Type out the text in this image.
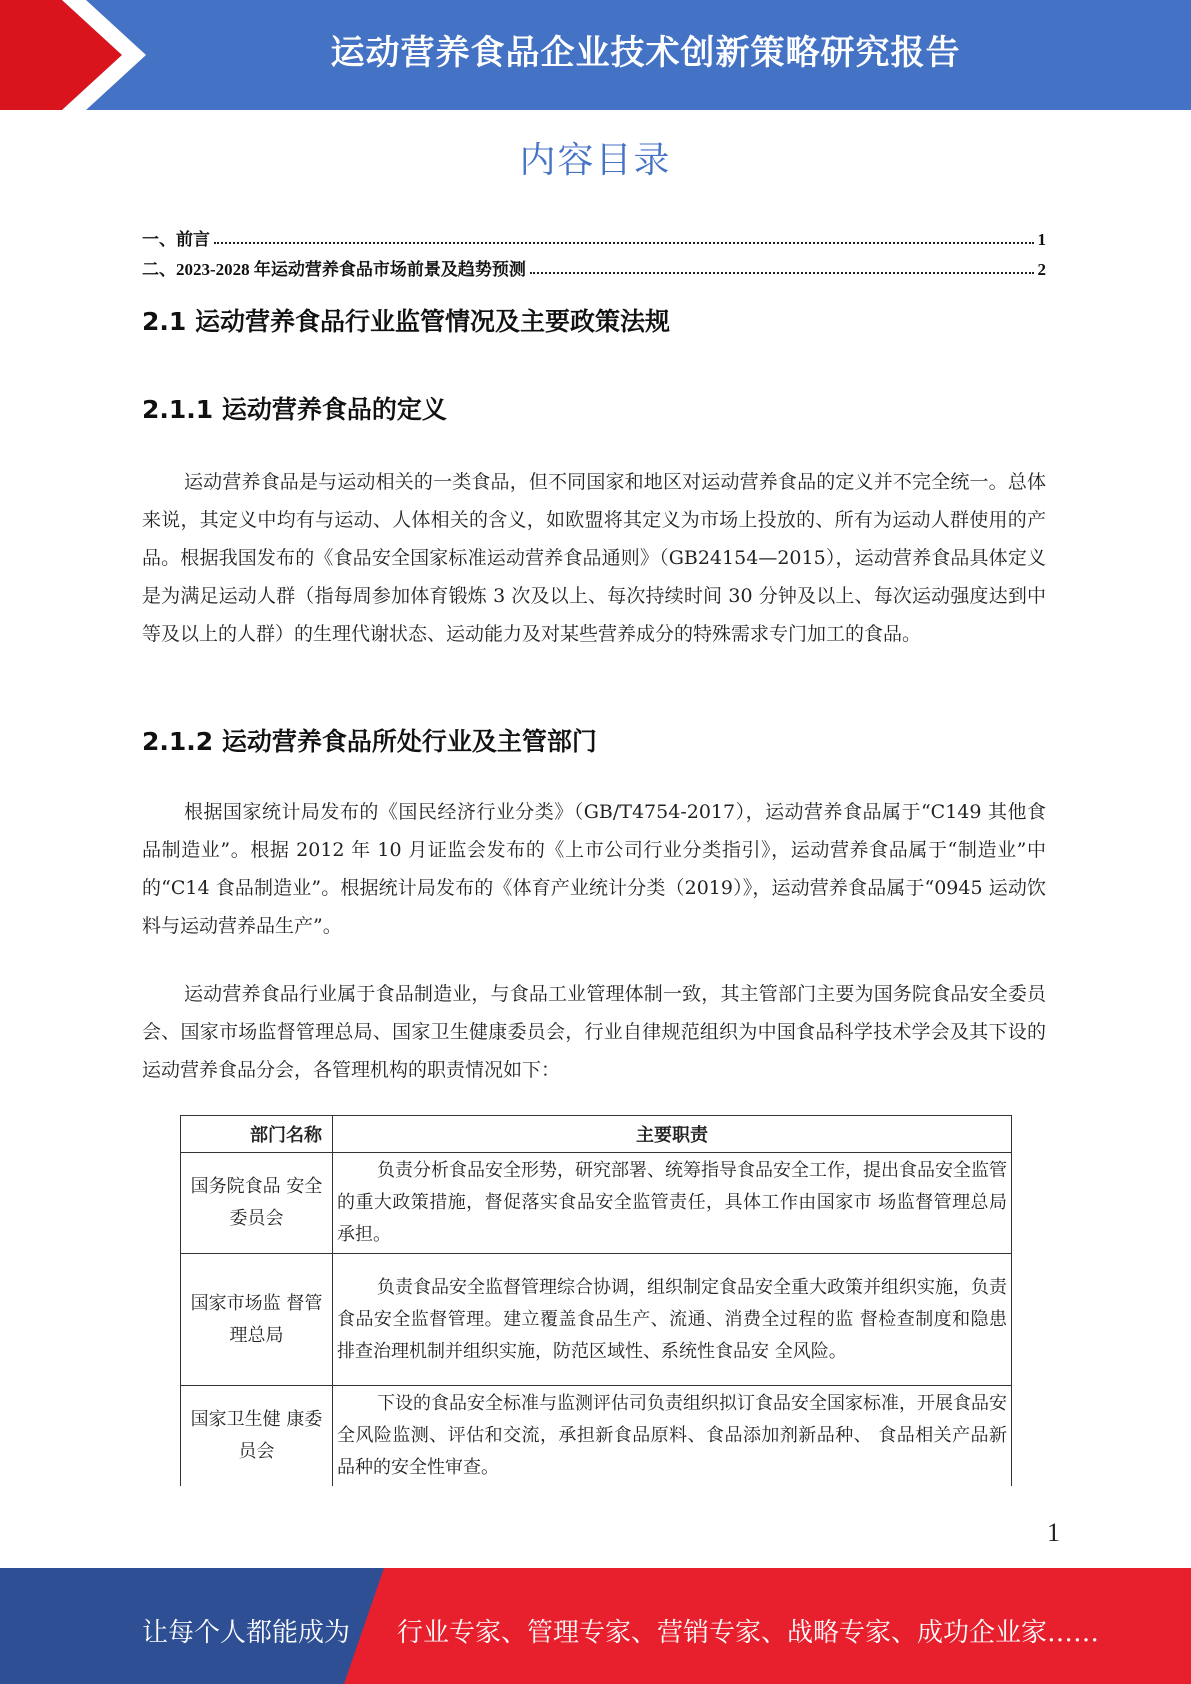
运动营养食品企业技术创新策略研究报告
内容目录
一、前言	1
二、2023-2028 年运动营养食品市场前景及趋势预测	2
2.1 运动营养食品行业监管情况及主要政策法规
2.1.1 运动营养食品的定义
运动营养食品是与运动相关的一类食品，但不同国家和地区对运动营养食品的定义并不完全统一。总体来说，其定义中均有与运动、人体相关的含义，如欧盟将其定义为市场上投放的、所有为运动人群使用的产品。根据我国发布的《食品安全国家标准运动营养食品通则》（GB24154—2015），运动营养食品具体定义是为满足运动人群（指每周参加体育锻炼 3 次及以上、每次持续时间 30 分钟及以上、每次运动强度达到中等及以上的人群）的生理代谢状态、运动能力及对某些营养成分的特殊需求专门加工的食品。
2.1.2 运动营养食品所处行业及主管部门
根据国家统计局发布的《国民经济行业分类》（GB/T4754-2017），运动营养食品属于“C149 其他食品制造业”。根据 2012 年 10 月证监会发布的《上市公司行业分类指引》，运动营养食品属于“制造业”中的“C14 食品制造业”。根据统计局发布的《体育产业统计分类（2019）》，运动营养食品属于“0945 运动饮料与运动营养品生产”。
运动营养食品行业属于食品制造业，与食品工业管理体制一致，其主管部门主要为国务院食品安全委员会、国家市场监督管理总局、国家卫生健康委员会，行业自律规范组织为中国食品科学技术学会及其下设的运动营养食品分会，各管理机构的职责情况如下：
部门名称	主要职责
国务院食品 安全委员会	负责分析食品安全形势，研究部署、统筹指导食品安全工作，提出食品安全监管的重大政策措施，督促落实食品安全监管责任，具体工作由国家市 场监督管理总局承担。
国家市场监 督管理总局	负责食品安全监督管理综合协调，组织制定食品安全重大政策并组织实施，负责食品安全监督管理。建立覆盖食品生产、流通、消费全过程的监 督检查制度和隐患排查治理机制并组织实施，防范区域性、系统性食品安 全风险。
国家卫生健 康委员会	下设的食品安全标准与监测评估司负责组织拟订食品安全国家标准，开展食品安全风险监测、评估和交流，承担新食品原料、食品添加剂新品种、 食品相关产品新品种的安全性审查。
1
让每个人都能成为 行业专家、管理专家、营销专家、战略专家、成功企业家……
